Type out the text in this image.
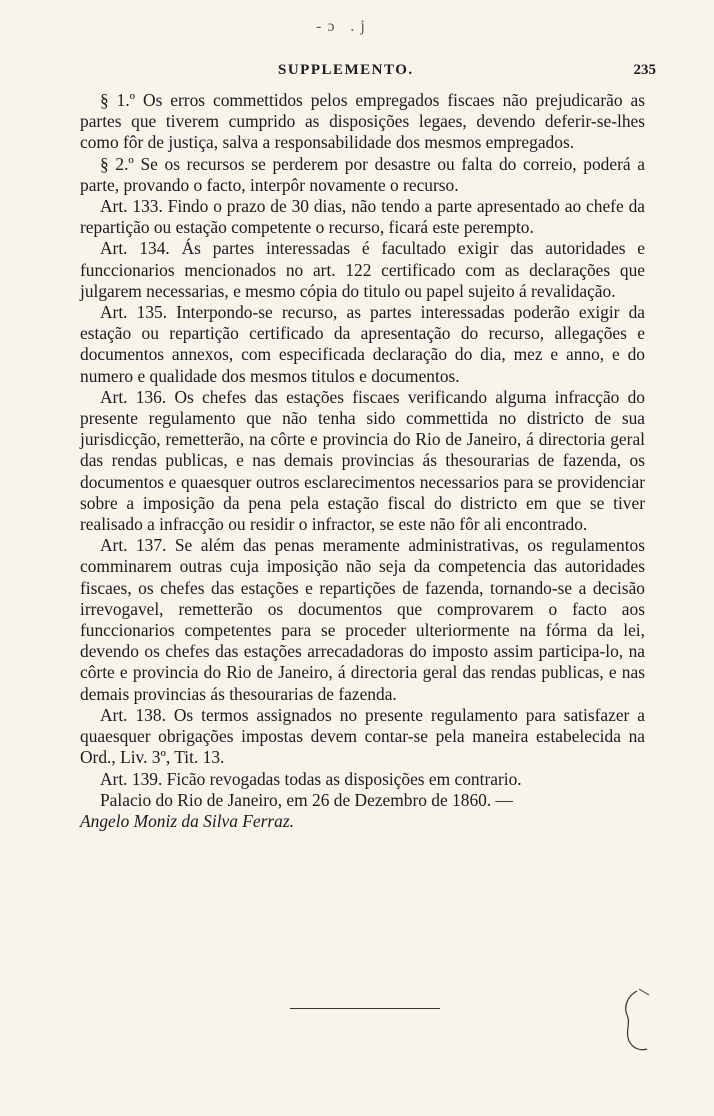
-ɔ .j
SUPPLEMENTO.	235

§ 1.º Os erros commettidos pelos empregados fiscaes não prejudicarão as partes que tiverem cumprido as disposições legaes, devendo deferir-se-lhes como fôr de justiça, salva a responsabilidade dos mesmos empregados.

§ 2.º Se os recursos se perderem por desastre ou falta do correio, poderá a parte, provando o facto, interpôr novamente o recurso.

Art. 133. Findo o prazo de 30 dias, não tendo a parte apresentado ao chefe da repartição ou estação competente o recurso, ficará este perempto.

Art. 134. Ás partes interessadas é facultado exigir das autoridades e funccionarios mencionados no art. 122 certificado com as declarações que julgarem necessarias, e mesmo cópia do titulo ou papel sujeito á revalidação.

Art. 135. Interpondo-se recurso, as partes interessadas poderão exigir da estação ou repartição certificado da apresentação do recurso, allegações e documentos annexos, com especificada declaração do dia, mez e anno, e do numero e qualidade dos mesmos titulos e documentos.

Art. 136. Os chefes das estações fiscaes verificando alguma infracção do presente regulamento que não tenha sido commettida no districto de sua jurisdicção, remetterão, na côrte e provincia do Rio de Janeiro, á directoria geral das rendas publicas, e nas demais provincias ás thesourarias de fazenda, os documentos e quaesquer outros esclarecimentos necessarios para se providenciar sobre a imposição da pena pela estação fiscal do districto em que se tiver realisado a infracção ou residir o infractor, se este não fôr ali encontrado.

Art. 137. Se além das penas meramente administrativas, os regulamentos comminarem outras cuja imposição não seja da competencia das autoridades fiscaes, os chefes das estações e repartições de fazenda, tornando-se a decisão irrevogavel, remetterão os documentos que comprovarem o facto aos funccionarios competentes para se proceder ulteriormente na fórma da lei, devendo os chefes das estações arrecadadoras do imposto assim participa-lo, na côrte e provincia do Rio de Janeiro, á directoria geral das rendas publicas, e nas demais provincias ás thesourarias de fazenda.

Art. 138. Os termos assignados no presente regulamento para satisfazer a quaesquer obrigações impostas devem contar-se pela maneira estabelecida na Ord., Liv. 3º, Tit. 13.

Art. 139. Ficão revogadas todas as disposições em contrario.

Palacio do Rio de Janeiro, em 26 de Dezembro de 1860. —

Angelo Moniz da Silva Ferraz.
